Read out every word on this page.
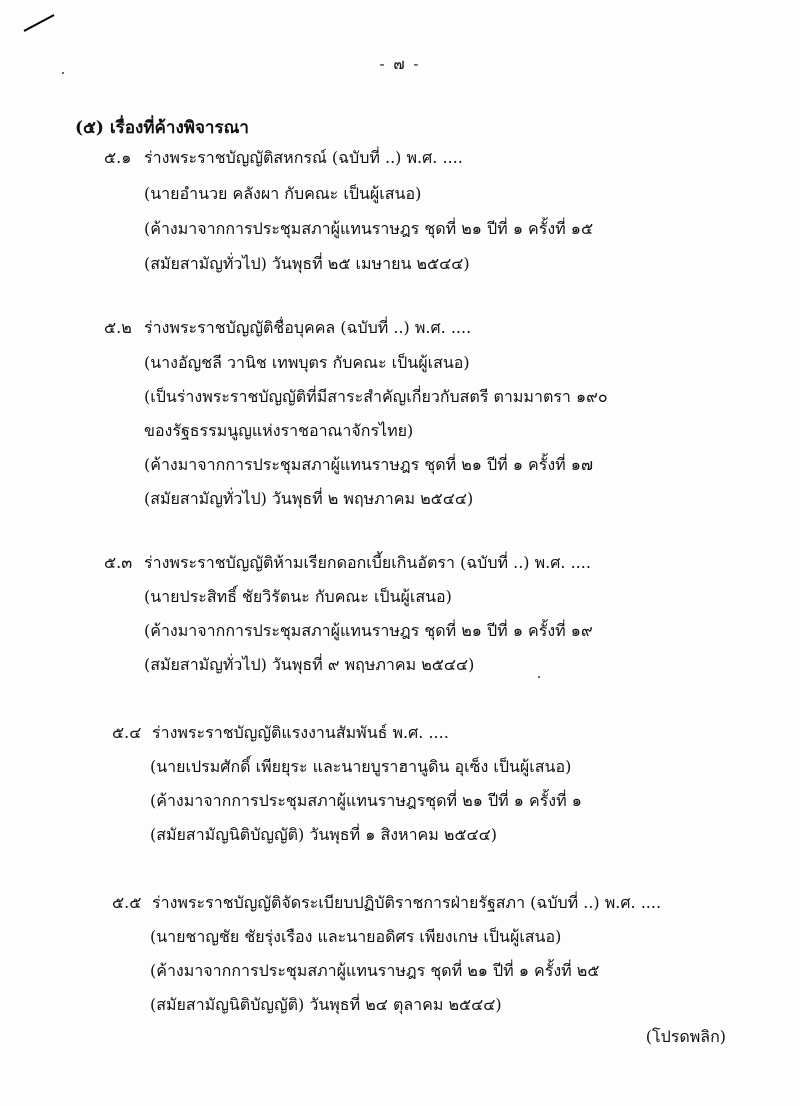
- ๗ -
(๕) เรื่องที่ค้างพิจารณา
๕.๑ ร่างพระราชบัญญัติสหกรณ์ (ฉบับที่ ..) พ.ศ. ....
(นายอำนวย คลังผา กับคณะ เป็นผู้เสนอ)
(ค้างมาจากการประชุมสภาผู้แทนราษฎร ชุดที่ ๒๑ ปีที่ ๑ ครั้งที่ ๑๕
(สมัยสามัญทั่วไป) วันพุธที่ ๒๕ เมษายน ๒๕๔๔)
๕.๒ ร่างพระราชบัญญัติชื่อบุคคล (ฉบับที่ ..) พ.ศ. ....
(นางอัญชลี วานิช เทพบุตร กับคณะ เป็นผู้เสนอ)
(เป็นร่างพระราชบัญญัติที่มีสาระสำคัญเกี่ยวกับสตรี ตามมาตรา ๑๙๐
ของรัฐธรรมนูญแห่งราชอาณาจักรไทย)
(ค้างมาจากการประชุมสภาผู้แทนราษฎร ชุดที่ ๒๑ ปีที่ ๑ ครั้งที่ ๑๗
(สมัยสามัญทั่วไป) วันพุธที่ ๒ พฤษภาคม ๒๕๔๔)
๕.๓ ร่างพระราชบัญญัติห้ามเรียกดอกเบี้ยเกินอัตรา (ฉบับที่ ..) พ.ศ. ....
(นายประสิทธิ์ ชัยวิรัตนะ กับคณะ เป็นผู้เสนอ)
(ค้างมาจากการประชุมสภาผู้แทนราษฎร ชุดที่ ๒๑ ปีที่ ๑ ครั้งที่ ๑๙
(สมัยสามัญทั่วไป) วันพุธที่ ๙ พฤษภาคม ๒๕๔๔)
๕.๔ ร่างพระราชบัญญัติแรงงานสัมพันธ์ พ.ศ. ....
(นายเปรมศักดิ์ เพียยุระ และนายบูราฮานูดิน อุเซ็ง เป็นผู้เสนอ)
(ค้างมาจากการประชุมสภาผู้แทนราษฎรชุดที่ ๒๑ ปีที่ ๑ ครั้งที่ ๑
(สมัยสามัญนิติบัญญัติ) วันพุธที่ ๑ สิงหาคม ๒๕๔๔)
๕.๕ ร่างพระราชบัญญัติจัดระเบียบปฏิบัติราชการฝ่ายรัฐสภา (ฉบับที่ ..) พ.ศ. ....
(นายชาญชัย ชัยรุ่งเรือง และนายอดิศร เพียงเกษ เป็นผู้เสนอ)
(ค้างมาจากการประชุมสภาผู้แทนราษฎร ชุดที่ ๒๑ ปีที่ ๑ ครั้งที่ ๒๕
(สมัยสามัญนิติบัญญัติ) วันพุธที่ ๒๔ ตุลาคม ๒๕๔๔)
(โปรดพลิก)
